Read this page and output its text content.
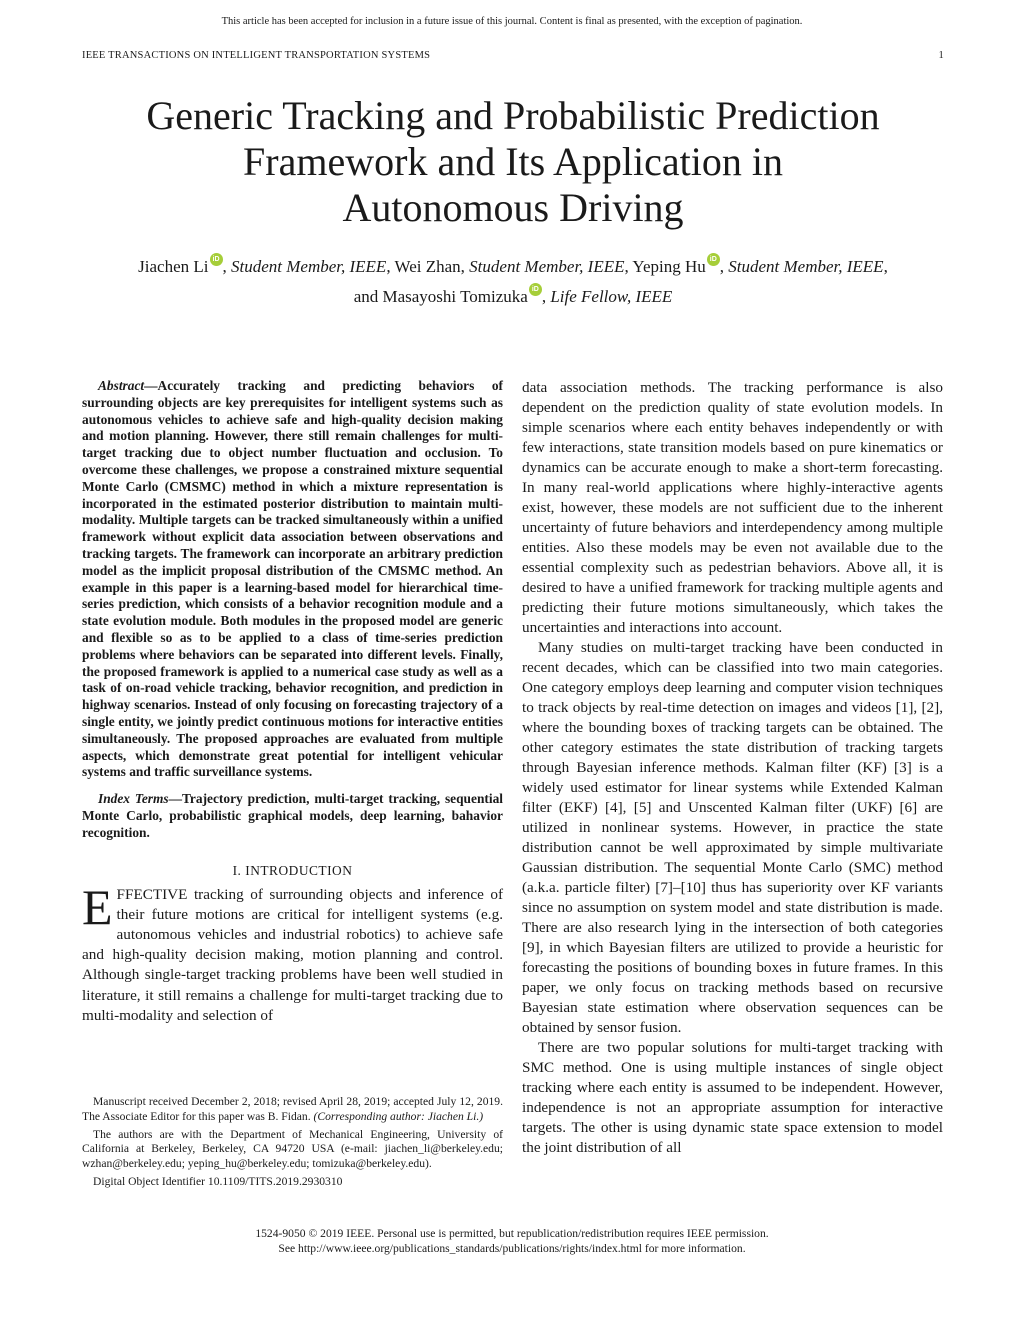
This article has been accepted for inclusion in a future issue of this journal. Content is final as presented, with the exception of pagination.
IEEE TRANSACTIONS ON INTELLIGENT TRANSPORTATION SYSTEMS	1
Generic Tracking and Probabilistic Prediction
Framework and Its Application in
Autonomous Driving
Jiachen Li iD , Student Member, IEEE, Wei Zhan, Student Member, IEEE, Yeping Hu iD , Student Member, IEEE,
and Masayoshi Tomizuka iD , Life Fellow, IEEE

Abstract—Accurately tracking and predicting behaviors of surrounding objects are key prerequisites for intelligent systems such as autonomous vehicles to achieve safe and high-quality decision making and motion planning. However, there still remain challenges for multi-target tracking due to object number fluctuation and occlusion. To overcome these challenges, we propose a constrained mixture sequential Monte Carlo (CMSMC) method in which a mixture representation is incorporated in the estimated posterior distribution to maintain multi-modality. Multiple targets can be tracked simultaneously within a unified framework without explicit data association between observations and tracking targets. The framework can incorporate an arbitrary prediction model as the implicit proposal distribution of the CMSMC method. An example in this paper is a learning-based model for hierarchical time-series prediction, which consists of a behavior recognition module and a state evolution module. Both modules in the proposed model are generic and flexible so as to be applied to a class of time-series prediction problems where behaviors can be separated into different levels. Finally, the proposed framework is applied to a numerical case study as well as a task of on-road vehicle tracking, behavior recognition, and prediction in highway scenarios. Instead of only focusing on forecasting trajectory of a single entity, we jointly predict continuous motions for interactive entities simultaneously. The proposed approaches are evaluated from multiple aspects, which demonstrate great potential for intelligent vehicular systems and traffic surveillance systems.

Index Terms—Trajectory prediction, multi-target tracking, sequential Monte Carlo, probabilistic graphical models, deep learning, bahavior recognition.

I. INTRODUCTION

EFFECTIVE tracking of surrounding objects and inference of their future motions are critical for intelligent systems (e.g. autonomous vehicles and industrial robotics) to achieve safe and high-quality decision making, motion planning and control. Although single-target tracking problems have been well studied in literature, it still remains a challenge for multi-target tracking due to multi-modality and selection of

Manuscript received December 2, 2018; revised April 28, 2019; accepted July 12, 2019. The Associate Editor for this paper was B. Fidan. (Corresponding author: Jiachen Li.)

The authors are with the Department of Mechanical Engineering, University of California at Berkeley, Berkeley, CA 94720 USA (e-mail: jiachen_li@berkeley.edu; wzhan@berkeley.edu; yeping_hu@berkeley.edu; tomizuka@berkeley.edu).

Digital Object Identifier 10.1109/TITS.2019.2930310

data association methods. The tracking performance is also dependent on the prediction quality of state evolution models. In simple scenarios where each entity behaves independently or with few interactions, state transition models based on pure kinematics or dynamics can be accurate enough to make a short-term forecasting. In many real-world applications where highly-interactive agents exist, however, these models are not sufficient due to the inherent uncertainty of future behaviors and interdependency among multiple entities. Also these models may be even not available due to the essential complexity such as pedestrian behaviors. Above all, it is desired to have a unified framework for tracking multiple agents and predicting their future motions simultaneously, which takes the uncertainties and interactions into account.

Many studies on multi-target tracking have been conducted in recent decades, which can be classified into two main categories. One category employs deep learning and computer vision techniques to track objects by real-time detection on images and videos [1], [2], where the bounding boxes of tracking targets can be obtained. The other category estimates the state distribution of tracking targets through Bayesian inference methods. Kalman filter (KF) [3] is a widely used estimator for linear systems while Extended Kalman filter (EKF) [4], [5] and Unscented Kalman filter (UKF) [6] are utilized in nonlinear systems. However, in practice the state distribution cannot be well approximated by simple multivariate Gaussian distribution. The sequential Monte Carlo (SMC) method (a.k.a. particle filter) [7]–[10] thus has superiority over KF variants since no assumption on system model and state distribution is made. There are also research lying in the intersection of both categories [9], in which Bayesian filters are utilized to provide a heuristic for forecasting the positions of bounding boxes in future frames. In this paper, we only focus on tracking methods based on recursive Bayesian state estimation where observation sequences can be obtained by sensor fusion.

There are two popular solutions for multi-target tracking with SMC method. One is using multiple instances of single object tracking where each entity is assumed to be independent. However, independence is not an appropriate assumption for interactive targets. The other is using dynamic state space extension to model the joint distribution of all

1524-9050 © 2019 IEEE. Personal use is permitted, but republication/redistribution requires IEEE permission.
See http://www.ieee.org/publications_standards/publications/rights/index.html for more information.
